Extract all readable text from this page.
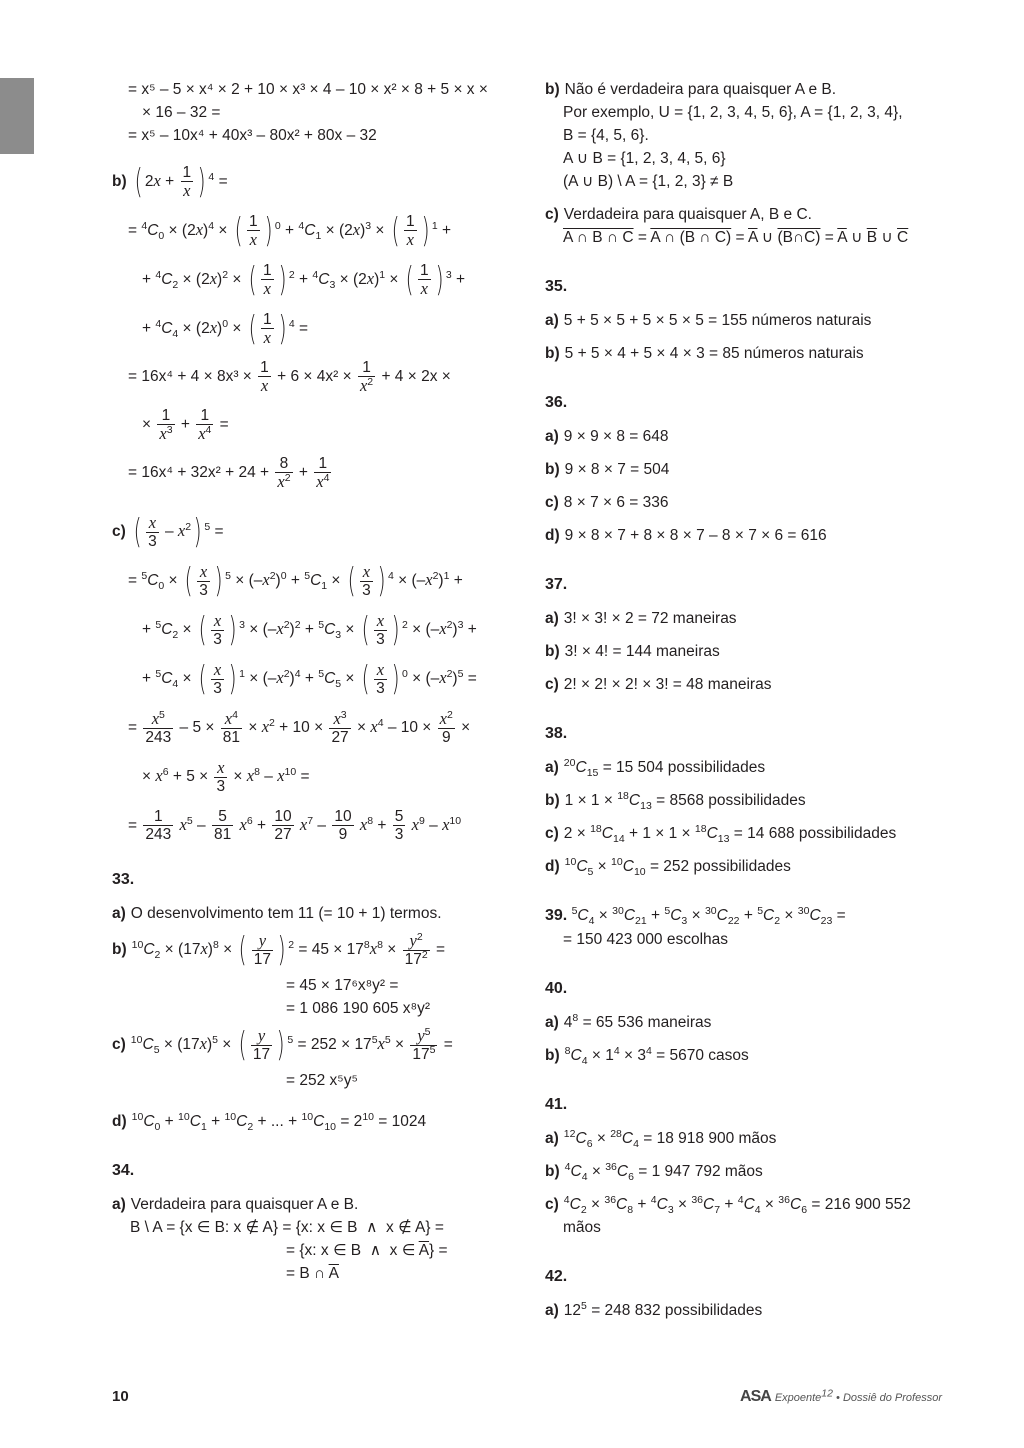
= x⁵ – 5 × x⁴ × 2 + 10 × x³ × 4 – 10 × x² × 8 + 5 × x ×
× 16 – 32 =
= x⁵ – 10x⁴ + 40x³ – 80x² + 80x – 32
b) ( $2x + \frac{1}{x}$ ) $^4$ =
= $^4C_0 \times (2x)^4$ × ( $\frac{1}{x}$ ) $^0 + ^4C_1 \times (2x)^3$ × ( $\frac{1}{x}$ ) $^1$ +
+ $^4C_2 \times (2x)^2$ × ( $\frac{1}{x}$ ) $^2 + ^4C_3 \times (2x)^1$ × ( $\frac{1}{x}$ ) $^3$ +
+ $^4C_4 \times (2x)^0$ × ( $\frac{1}{x}$ ) $^4$ =
= $16x^4 + 4 \times 8x^3 \times \frac{1}{x} + 6 \times 4x^2 \times \frac{1}{x^2} + 4 \times 2x$ ×
× $\frac{1}{x^3} + \frac{1}{x^4}$ =
= $16x^4 + 32x^2 + 24 + \frac{8}{x^2} + \frac{1}{x^4}$
c) ( $\frac{x}{3} - x^2$) $^5$ =
= $^5C_0$ × ( $\frac{x}{3}$ ) $^5 \times (-x^2)^0 + ^5C_1$ × ( $\frac{x}{3}$ ) $^4 \times (-x^2)^1$ +
+ $^5C_2$ × ( $\frac{x}{3}$ ) $^3 \times (-x^2)^2 + ^5C_3$ × ( $\frac{x}{3}$ ) $^2 \times (-x^2)^3$ +
+ $^5C_4$ × ( $\frac{x}{3}$ ) $^1 \times (-x^2)^4 + ^5C_5$ × ( $\frac{x}{3}$ ) $^0 \times (-x^2)^5$ =
= $\frac{x^5}{243} - 5 \times \frac{x^4}{81} \times x^2 + 10 \times \frac{x^3}{27} \times x^4 - 10 \times \frac{x^2}{9}$ ×
× $x^6 + 5 \times \frac{x}{3} \times x^8 - x^{10}$ =
= $\frac{1}{243} x^5 - \frac{5}{81} x^6 + \frac{10}{27} x^7 - \frac{10}{9} x^8 + \frac{5}{3} x^9 - x^{10}$
33.
a) O desenvolvimento tem 11 (= 10 + 1) termos.
b) $^{10}C_2 \times (17x)^8$ × ( $\frac{y}{17}$ ) $^2 = 45 \times 17^8x^8 \times \frac{y^2}{17^2}$ =
= 45 × 17⁶x⁸y² =
= 1 086 190 605 x⁸y²
c) $^{10}C_5 \times (17x)^5$ × ( $\frac{y}{17}$ ) $^5 = 252 \times 17^5x^5 \times \frac{y^5}{17^5}$ =
= 252 x⁵y⁵
d) $^{10}C_0 + ^{10}C_1 + ^{10}C_2$ + ... + $^{10}C_{10} = 2^{10} = 1024$
34.
a) Verdadeira para quaisquer A e B.
B \ A = {x ∈ B: x ∉ A} = {x: x ∈ B  ∧  x ∉ A} =
= {x: x ∈ B  ∧  x ∈ $\overline{A}$} =
= B ∩ $\overline{A}$
b) Não é verdadeira para quaisquer A e B.
Por exemplo, U = {1, 2, 3, 4, 5, 6}, A = {1, 2, 3, 4},
B = {4, 5, 6}.
A ∪ B = {1, 2, 3, 4, 5, 6}
(A ∪ B) \ A = {1, 2, 3} ≠ B
c) Verdadeira para quaisquer A, B e C.
A ∩ B ∩ C = A ∩ (B ∩ $C) = \overline{A}$ ∪ (B∩C) = $\overline{A}$ ∪ $\overline{B}$ ∪ $\overline{C}$
35.
a) 5 + 5 × 5 + 5 × 5 × 5 = 155 números naturais
b) 5 + 5 × 4 + 5 × 4 × 3 = 85 números naturais
36.
a) 9 × 9 × 8 = 648
b) 9 × 8 × 7 = 504
c) 8 × 7 × 6 = 336
d) 9 × 8 × 7 + 8 × 8 × 7 – 8 × 7 × 6 = 616
37.
a) 3! × 3! × 2 = 72 maneiras
b) 3! × 4! = 144 maneiras
c) 2! × 2! × 2! × 3! = 48 maneiras
38.
a) $^{20}C_{15} = 15$ 504 possibilidades
b) $1 \times 1 \times ^{18}C_{13} = 8568$ possibilidades
c) $2 \times ^{18}C_{14} + 1 \times 1 \times ^{18}C_{13} = 14$ 688 possibilidades
d) $^{10}C_5 \times ^{10}C_{10} = 252$ possibilidades
39. $^5C_4 \times ^{30}C_{21} + ^5C_3 \times ^{30}C_{22} + ^5C_2 \times ^{30}C_{23}$ =
= 150 423 000 escolhas
40.
a) $4^8 = 65$ 536 maneiras
b) $^8C_4 \times 1^4 \times 3^4 = 5670$ casos
41.
a) $^{12}C_6 \times ^{28}C_4 = 18$ 918 900 mãos
b) $^4C_4 \times ^{36}C_6 = 1$ 947 792 mãos
c) $^4C_2 \times ^{36}C_8 + ^4C_3 \times ^{36}C_7 + ^4C_4 \times ^{36}C_6 = 216$ 900 552
mãos
42.
a) $12^5 = 248$ 832 possibilidades
10	ASA Expoente$^{12}$ • Dossiê do Professor
